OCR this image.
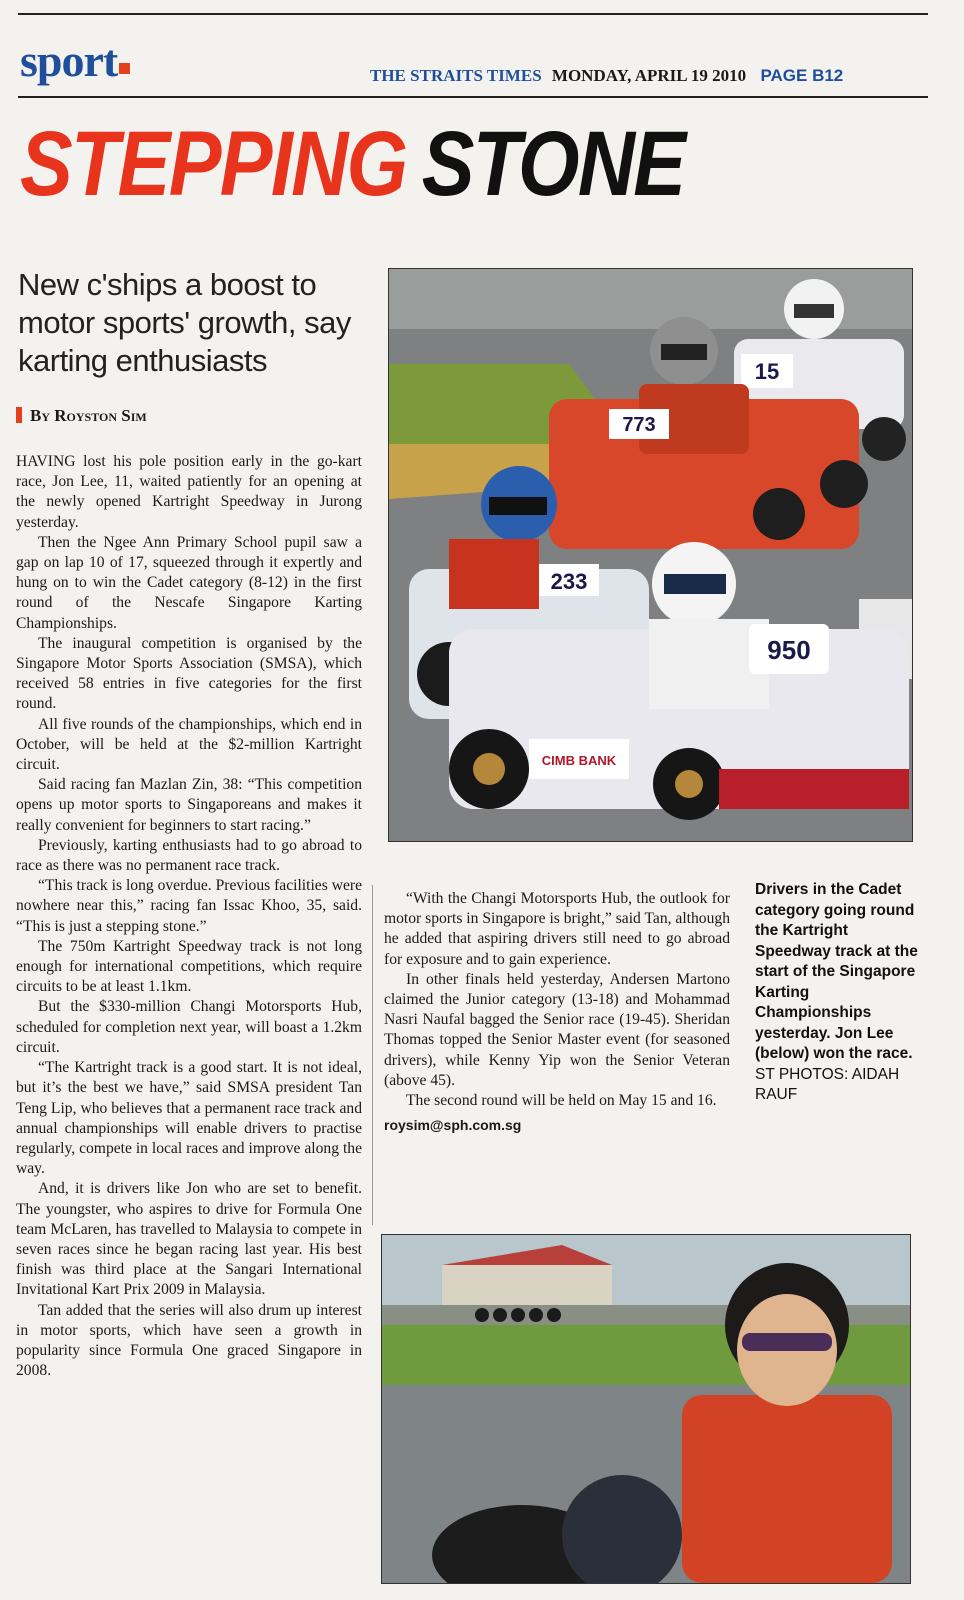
sport	THE STRAITS TIMES MONDAY, APRIL 19 2010 PAGE B12
STEPPING STONE
New c'ships a boost to motor sports' growth, say karting enthusiasts
By Royston Sim

HAVING lost his pole position early in the go-kart race, Jon Lee, 11, waited patiently for an opening at the newly opened Kartright Speedway in Jurong yesterday.

Then the Ngee Ann Primary School pupil saw a gap on lap 10 of 17, squeezed through it expertly and hung on to win the Cadet category (8-12) in the first round of the Nescafe Singapore Karting Championships.

The inaugural competition is organised by the Singapore Motor Sports Association (SMSA), which received 58 entries in five categories for the first round.

All five rounds of the championships, which end in October, will be held at the $2-million Kartright circuit.

Said racing fan Mazlan Zin, 38: “This competition opens up motor sports to Singaporeans and makes it really convenient for beginners to start racing.”

Previously, karting enthusiasts had to go abroad to race as there was no permanent race track.

“This track is long overdue. Previous facilities were nowhere near this,” racing fan Issac Khoo, 35, said. “This is just a stepping stone.”

The 750m Kartright Speedway track is not long enough for international competitions, which require circuits to be at least 1.1km.

But the $330-million Changi Motorsports Hub, scheduled for completion next year, will boast a 1.2km circuit.

“The Kartright track is a good start. It is not ideal, but it’s the best we have,” said SMSA president Tan Teng Lip, who believes that a permanent race track and annual championships will enable drivers to practise regularly, compete in local races and improve along the way.

And, it is drivers like Jon who are set to benefit. The youngster, who aspires to drive for Formula One team McLaren, has travelled to Malaysia to compete in seven races since he began racing last year. His best finish was third place at the Sangari International Invitational Kart Prix 2009 in Malaysia.

Tan added that the series will also drum up interest in motor sports, which have seen a growth in popularity since Formula One graced Singapore in 2008.

15
773
233
950
CIMB BANK
Drivers in the Cadet category going round the Kartright Speedway track at the start of the Singapore Karting Championships yesterday. Jon Lee (below) won the race. ST PHOTOS: AIDAH RAUF

“With the Changi Motorsports Hub, the outlook for motor sports in Singapore is bright,” said Tan, although he added that aspiring drivers still need to go abroad for exposure and to gain experience.

In other finals held yesterday, Andersen Martono claimed the Junior category (13-18) and Mohammad Nasri Naufal bagged the Senior race (19-45). Sheridan Thomas topped the Senior Master event (for seasoned drivers), while Kenny Yip won the Senior Veteran (above 45).

The second round will be held on May 15 and 16.

roysim@sph.com.sg
